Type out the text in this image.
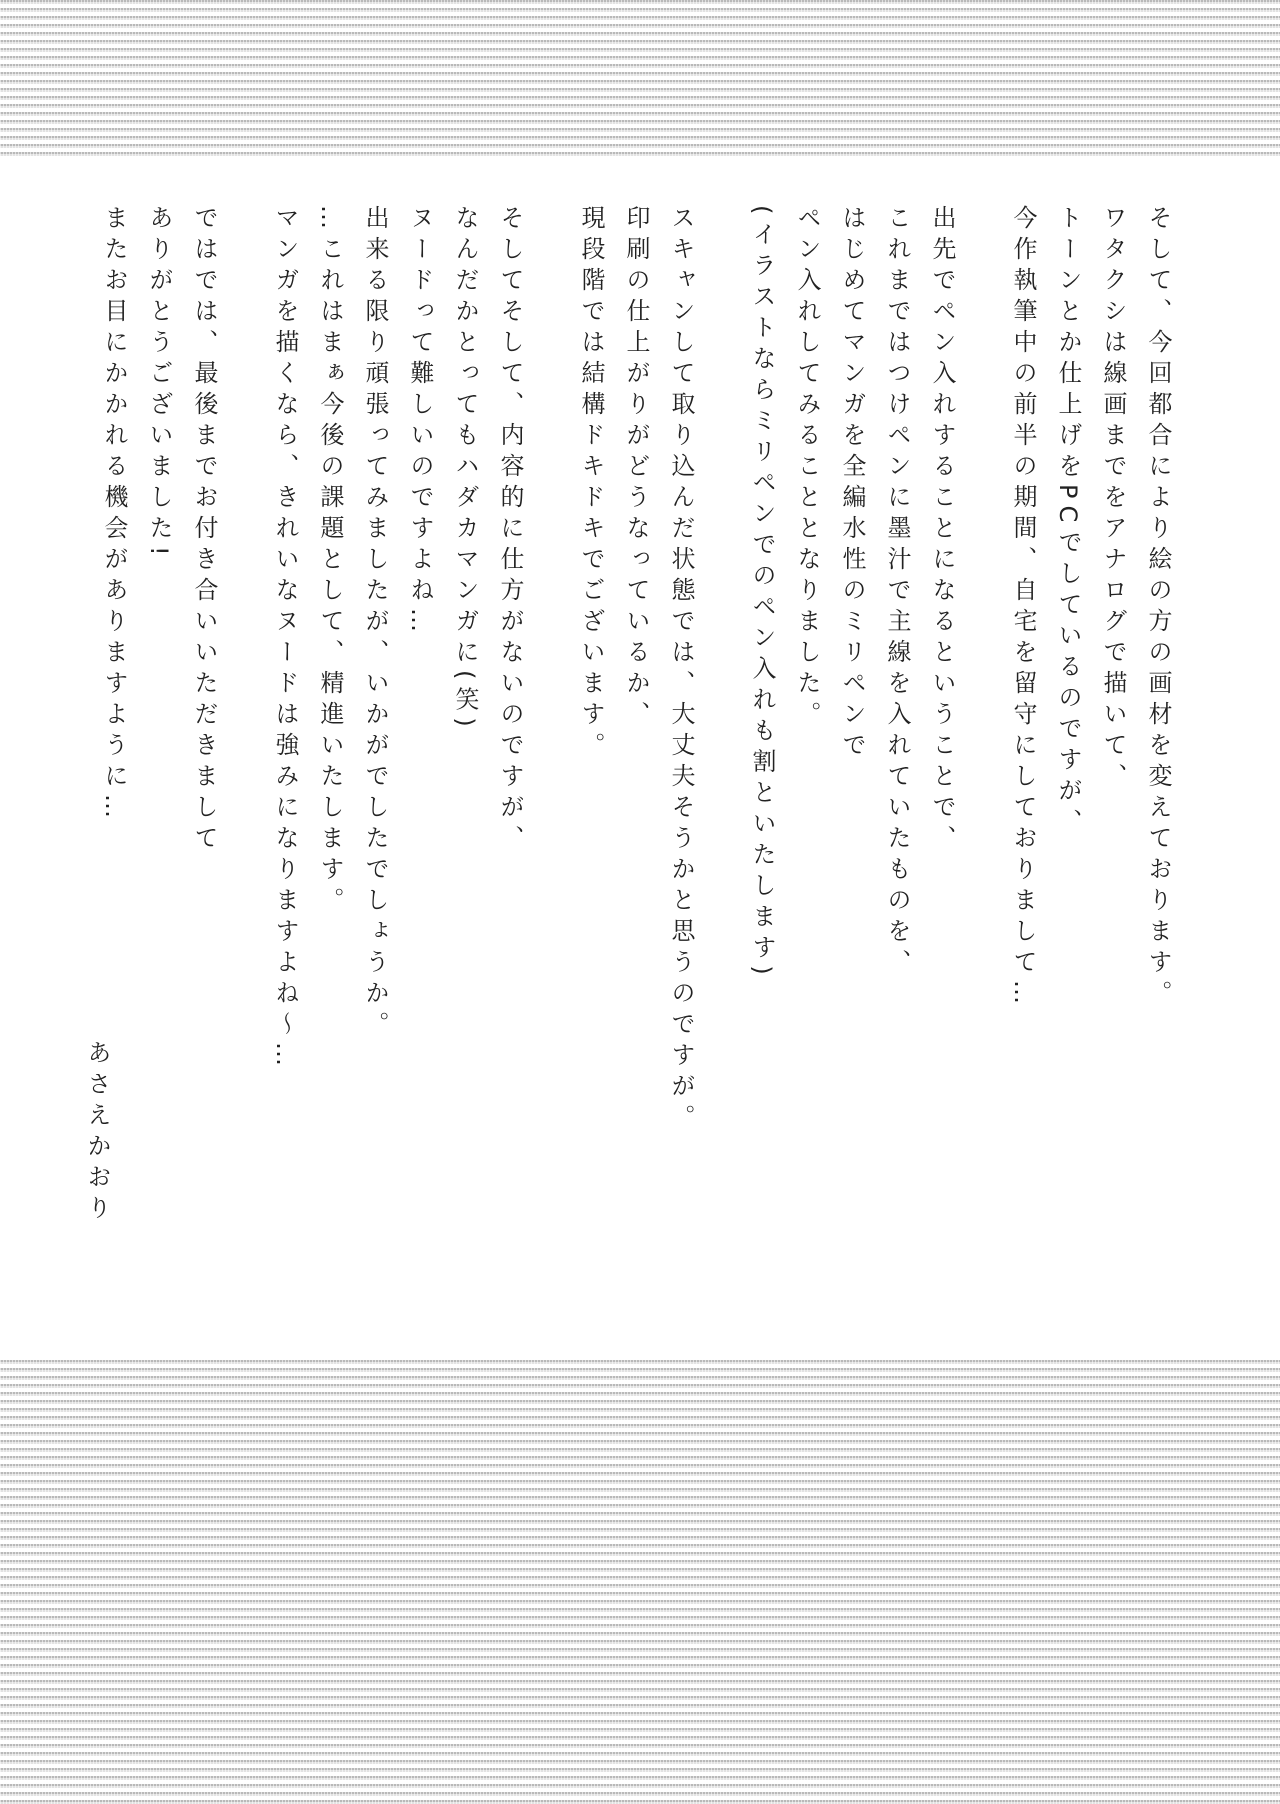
そして、今回都合により絵の方の画材を変えております。

ワタクシは線画までをアナログで描いて、

トーンとか仕上げをPCでしているのですが、

今作執筆中の前半の期間、自宅を留守にしておりまして…

出先でペン入れすることになるということで、

これまではつけペンに墨汁で主線を入れていたものを、

はじめてマンガを全編水性のミリペンで

ペン入れしてみることとなりました。

(イラストならミリペンでのペン入れも割といたします)

スキャンして取り込んだ状態では、大丈夫そうかと思うのですが。

印刷の仕上がりがどうなっているか、

現段階では結構ドキドキでございます。

そしてそして、内容的に仕方がないのですが、

なんだかとってもハダカマンガに(笑)

ヌードって難しいのですよね…

出来る限り頑張ってみましたが、いかがでしたでしょうか。

…これはまぁ今後の課題として、精進いたします。

マンガを描くなら、きれいなヌードは強みになりますよね〜…

ではでは、最後までお付き合いいただきまして

ありがとうございました!

またお目にかかれる機会がありますように…

あさえかおり
